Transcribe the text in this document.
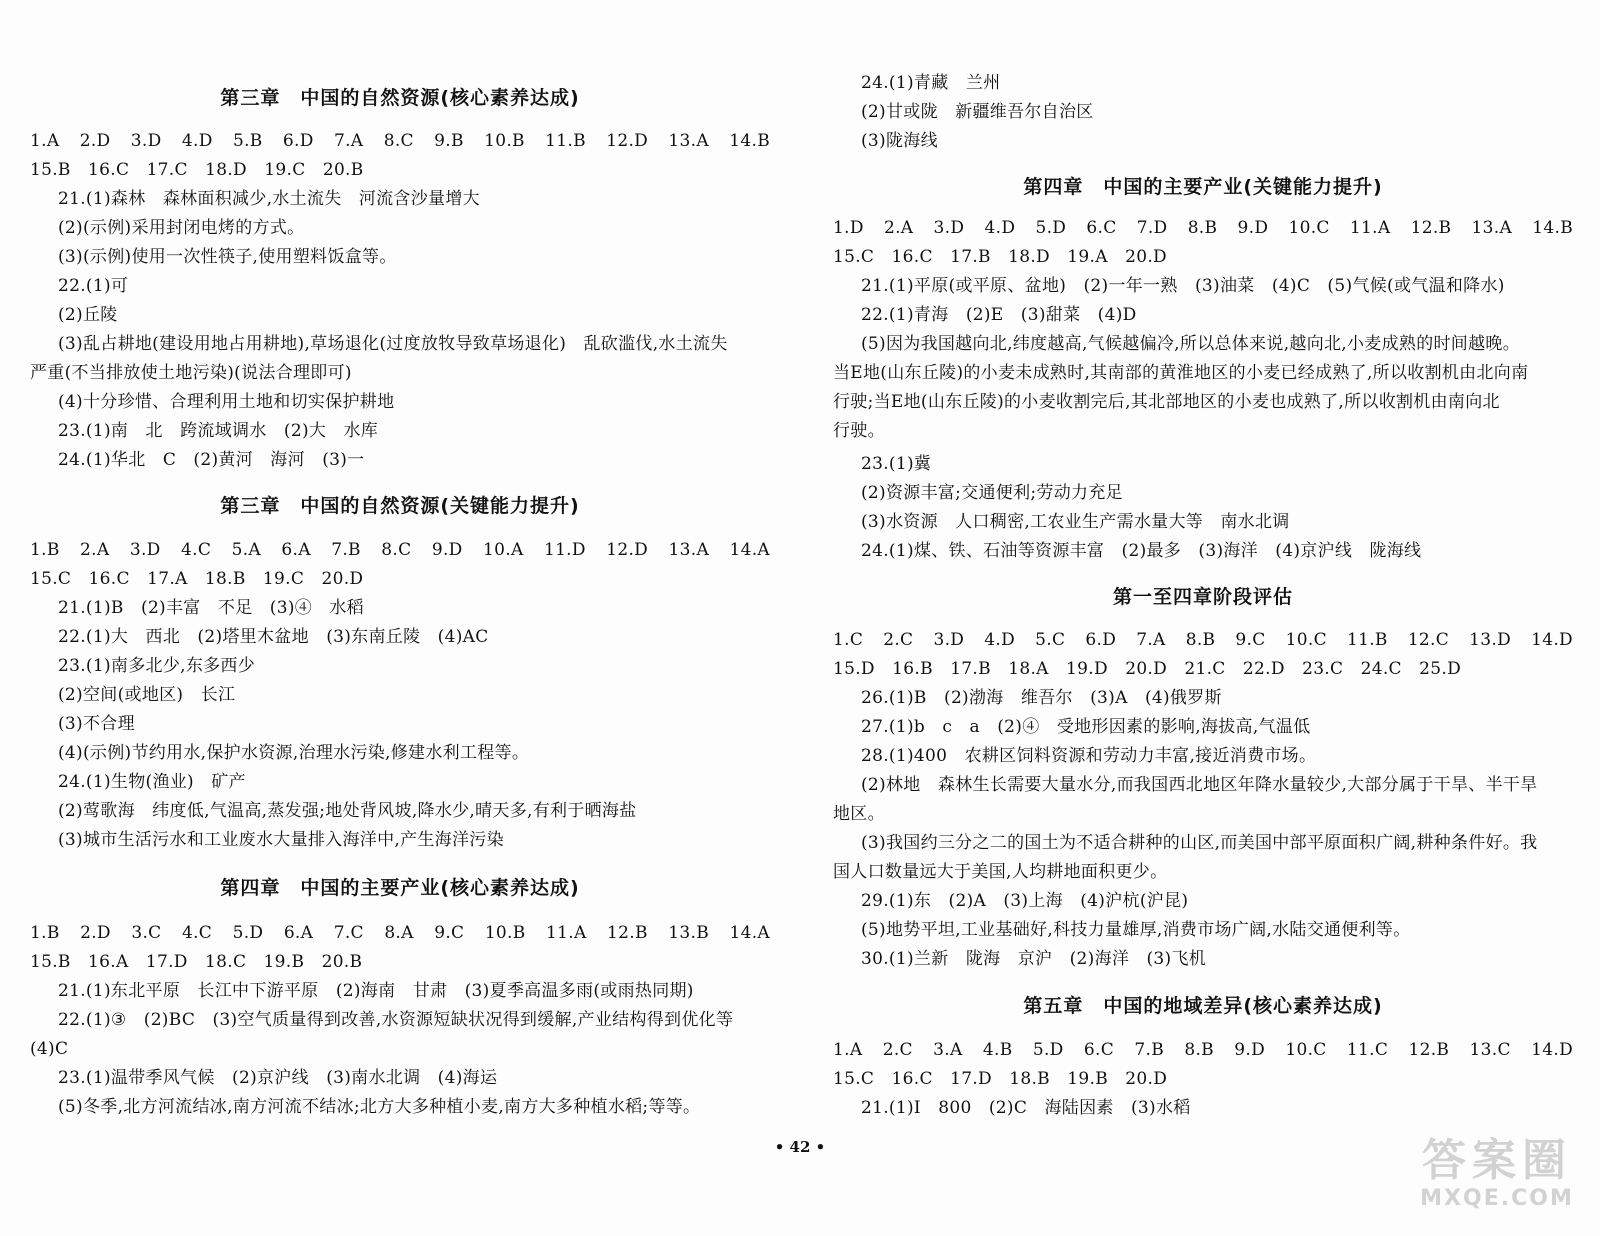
第三章　中国的自然资源(核心素养达成)
1.A　2.D　3.D　4.D　5.B　6.D　7.A　8.C　9.B　10.B　11.B　12.D　13.A　14.B
15.B　16.C　17.C　18.D　19.C　20.B
21.(1)森林　森林面积减少,水土流失　河流含沙量增大
(2)(示例)采用封闭电烤的方式。
(3)(示例)使用一次性筷子,使用塑料饭盒等。
22.(1)可
(2)丘陵
(3)乱占耕地(建设用地占用耕地),草场退化(过度放牧导致草场退化)　乱砍滥伐,水土流失
严重(不当排放使土地污染)(说法合理即可)
(4)十分珍惜、合理利用土地和切实保护耕地
23.(1)南　北　跨流域调水　(2)大　水库
24.(1)华北　C　(2)黄河　海河　(3)一
第三章　中国的自然资源(关键能力提升)
1.B　2.A　3.D　4.C　5.A　6.A　7.B　8.C　9.D　10.A　11.D　12.D　13.A　14.A
15.C　16.C　17.A　18.B　19.C　20.D
21.(1)B　(2)丰富　不足　(3)④　水稻
22.(1)大　西北　(2)塔里木盆地　(3)东南丘陵　(4)AC
23.(1)南多北少,东多西少
(2)空间(或地区)　长江
(3)不合理
(4)(示例)节约用水,保护水资源,治理水污染,修建水利工程等。
24.(1)生物(渔业)　矿产
(2)莺歌海　纬度低,气温高,蒸发强;地处背风坡,降水少,晴天多,有利于晒海盐
(3)城市生活污水和工业废水大量排入海洋中,产生海洋污染
第四章　中国的主要产业(核心素养达成)
1.B　2.D　3.C　4.C　5.D　6.A　7.C　8.A　9.C　10.B　11.A　12.B　13.B　14.A
15.B　16.A　17.D　18.C　19.B　20.B
21.(1)东北平原　长江中下游平原　(2)海南　甘肃　(3)夏季高温多雨(或雨热同期)
22.(1)③　(2)BC　(3)空气质量得到改善,水资源短缺状况得到缓解,产业结构得到优化等
(4)C
23.(1)温带季风气候　(2)京沪线　(3)南水北调　(4)海运
(5)冬季,北方河流结冰,南方河流不结冰;北方大多种植小麦,南方大多种植水稻;等等。
24.(1)青藏　兰州
(2)甘或陇　新疆维吾尔自治区
(3)陇海线
第四章　中国的主要产业(关键能力提升)
1.D　2.A　3.D　4.D　5.D　6.C　7.D　8.B　9.D　10.C　11.A　12.B　13.A　14.B
15.C　16.C　17.B　18.D　19.A　20.D
21.(1)平原(或平原、盆地)　(2)一年一熟　(3)油菜　(4)C　(5)气候(或气温和降水)
22.(1)青海　(2)E　(3)甜菜　(4)D
(5)因为我国越向北,纬度越高,气候越偏冷,所以总体来说,越向北,小麦成熟的时间越晚。
当E地(山东丘陵)的小麦未成熟时,其南部的黄淮地区的小麦已经成熟了,所以收割机由北向南
行驶;当E地(山东丘陵)的小麦收割完后,其北部地区的小麦也成熟了,所以收割机由南向北
行驶。
23.(1)冀
(2)资源丰富;交通便利;劳动力充足
(3)水资源　人口稠密,工农业生产需水量大等　南水北调
24.(1)煤、铁、石油等资源丰富　(2)最多　(3)海洋　(4)京沪线　陇海线
第一至四章阶段评估
1.C　2.C　3.D　4.D　5.C　6.D　7.A　8.B　9.C　10.C　11.B　12.C　13.D　14.D
15.D　16.B　17.B　18.A　19.D　20.D　21.C　22.D　23.C　24.C　25.D
26.(1)B　(2)渤海　维吾尔　(3)A　(4)俄罗斯
27.(1)b　c　a　(2)④　受地形因素的影响,海拔高,气温低
28.(1)400　农耕区饲料资源和劳动力丰富,接近消费市场。
(2)林地　森林生长需要大量水分,而我国西北地区年降水量较少,大部分属于干旱、半干旱
地区。
(3)我国约三分之二的国土为不适合耕种的山区,而美国中部平原面积广阔,耕种条件好。我
国人口数量远大于美国,人均耕地面积更少。
29.(1)东　(2)A　(3)上海　(4)沪杭(沪昆)
(5)地势平坦,工业基础好,科技力量雄厚,消费市场广阔,水陆交通便利等。
30.(1)兰新　陇海　京沪　(2)海洋　(3)飞机
第五章　中国的地域差异(核心素养达成)
1.A　2.C　3.A　4.B　5.D　6.C　7.B　8.B　9.D　10.C　11.C　12.B　13.C　14.D
15.C　16.C　17.D　18.B　19.B　20.D
21.(1)Ⅰ　800　(2)C　海陆因素　(3)水稻
• 42 •	答案圈
MXQE.COM
